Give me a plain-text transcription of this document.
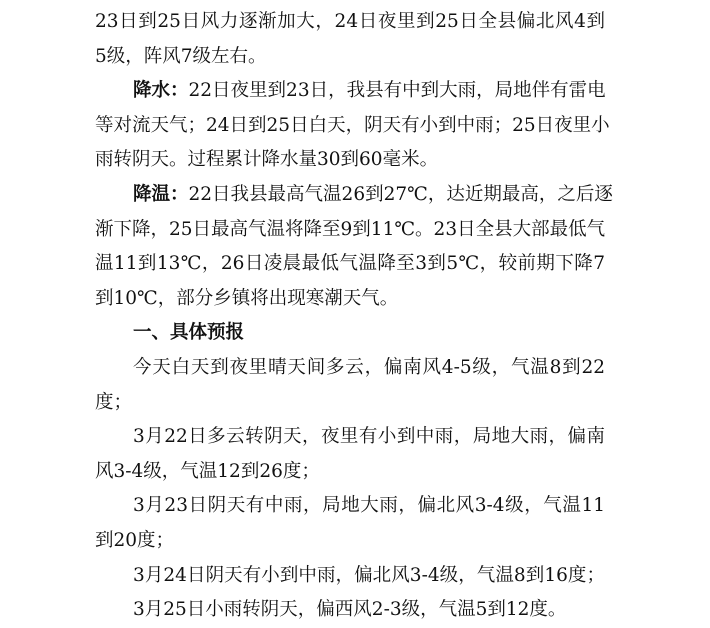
23日到25日风力逐渐加大，24日夜里到25日全县偏北风4到
5级，阵风7级左右。
降水：22日夜里到23日，我县有中到大雨，局地伴有雷电
等对流天气；24日到25日白天，阴天有小到中雨；25日夜里小
雨转阴天。过程累计降水量30到60毫米。
降温：22日我县最高气温26到27℃，达近期最高，之后逐
渐下降，25日最高气温将降至9到11℃。23日全县大部最低气
温11到13℃，26日凌晨最低气温降至3到5℃，较前期下降7
到10℃，部分乡镇将出现寒潮天气。
一、具体预报
今天白天到夜里晴天间多云，偏南风4-5级，气温8到22
度；
3月22日多云转阴天，夜里有小到中雨，局地大雨，偏南
风3-4级，气温12到26度；
3月23日阴天有中雨，局地大雨，偏北风3-4级，气温11
到20度；
3月24日阴天有小到中雨，偏北风3-4级，气温8到16度；
3月25日小雨转阴天，偏西风2-3级，气温5到12度。
